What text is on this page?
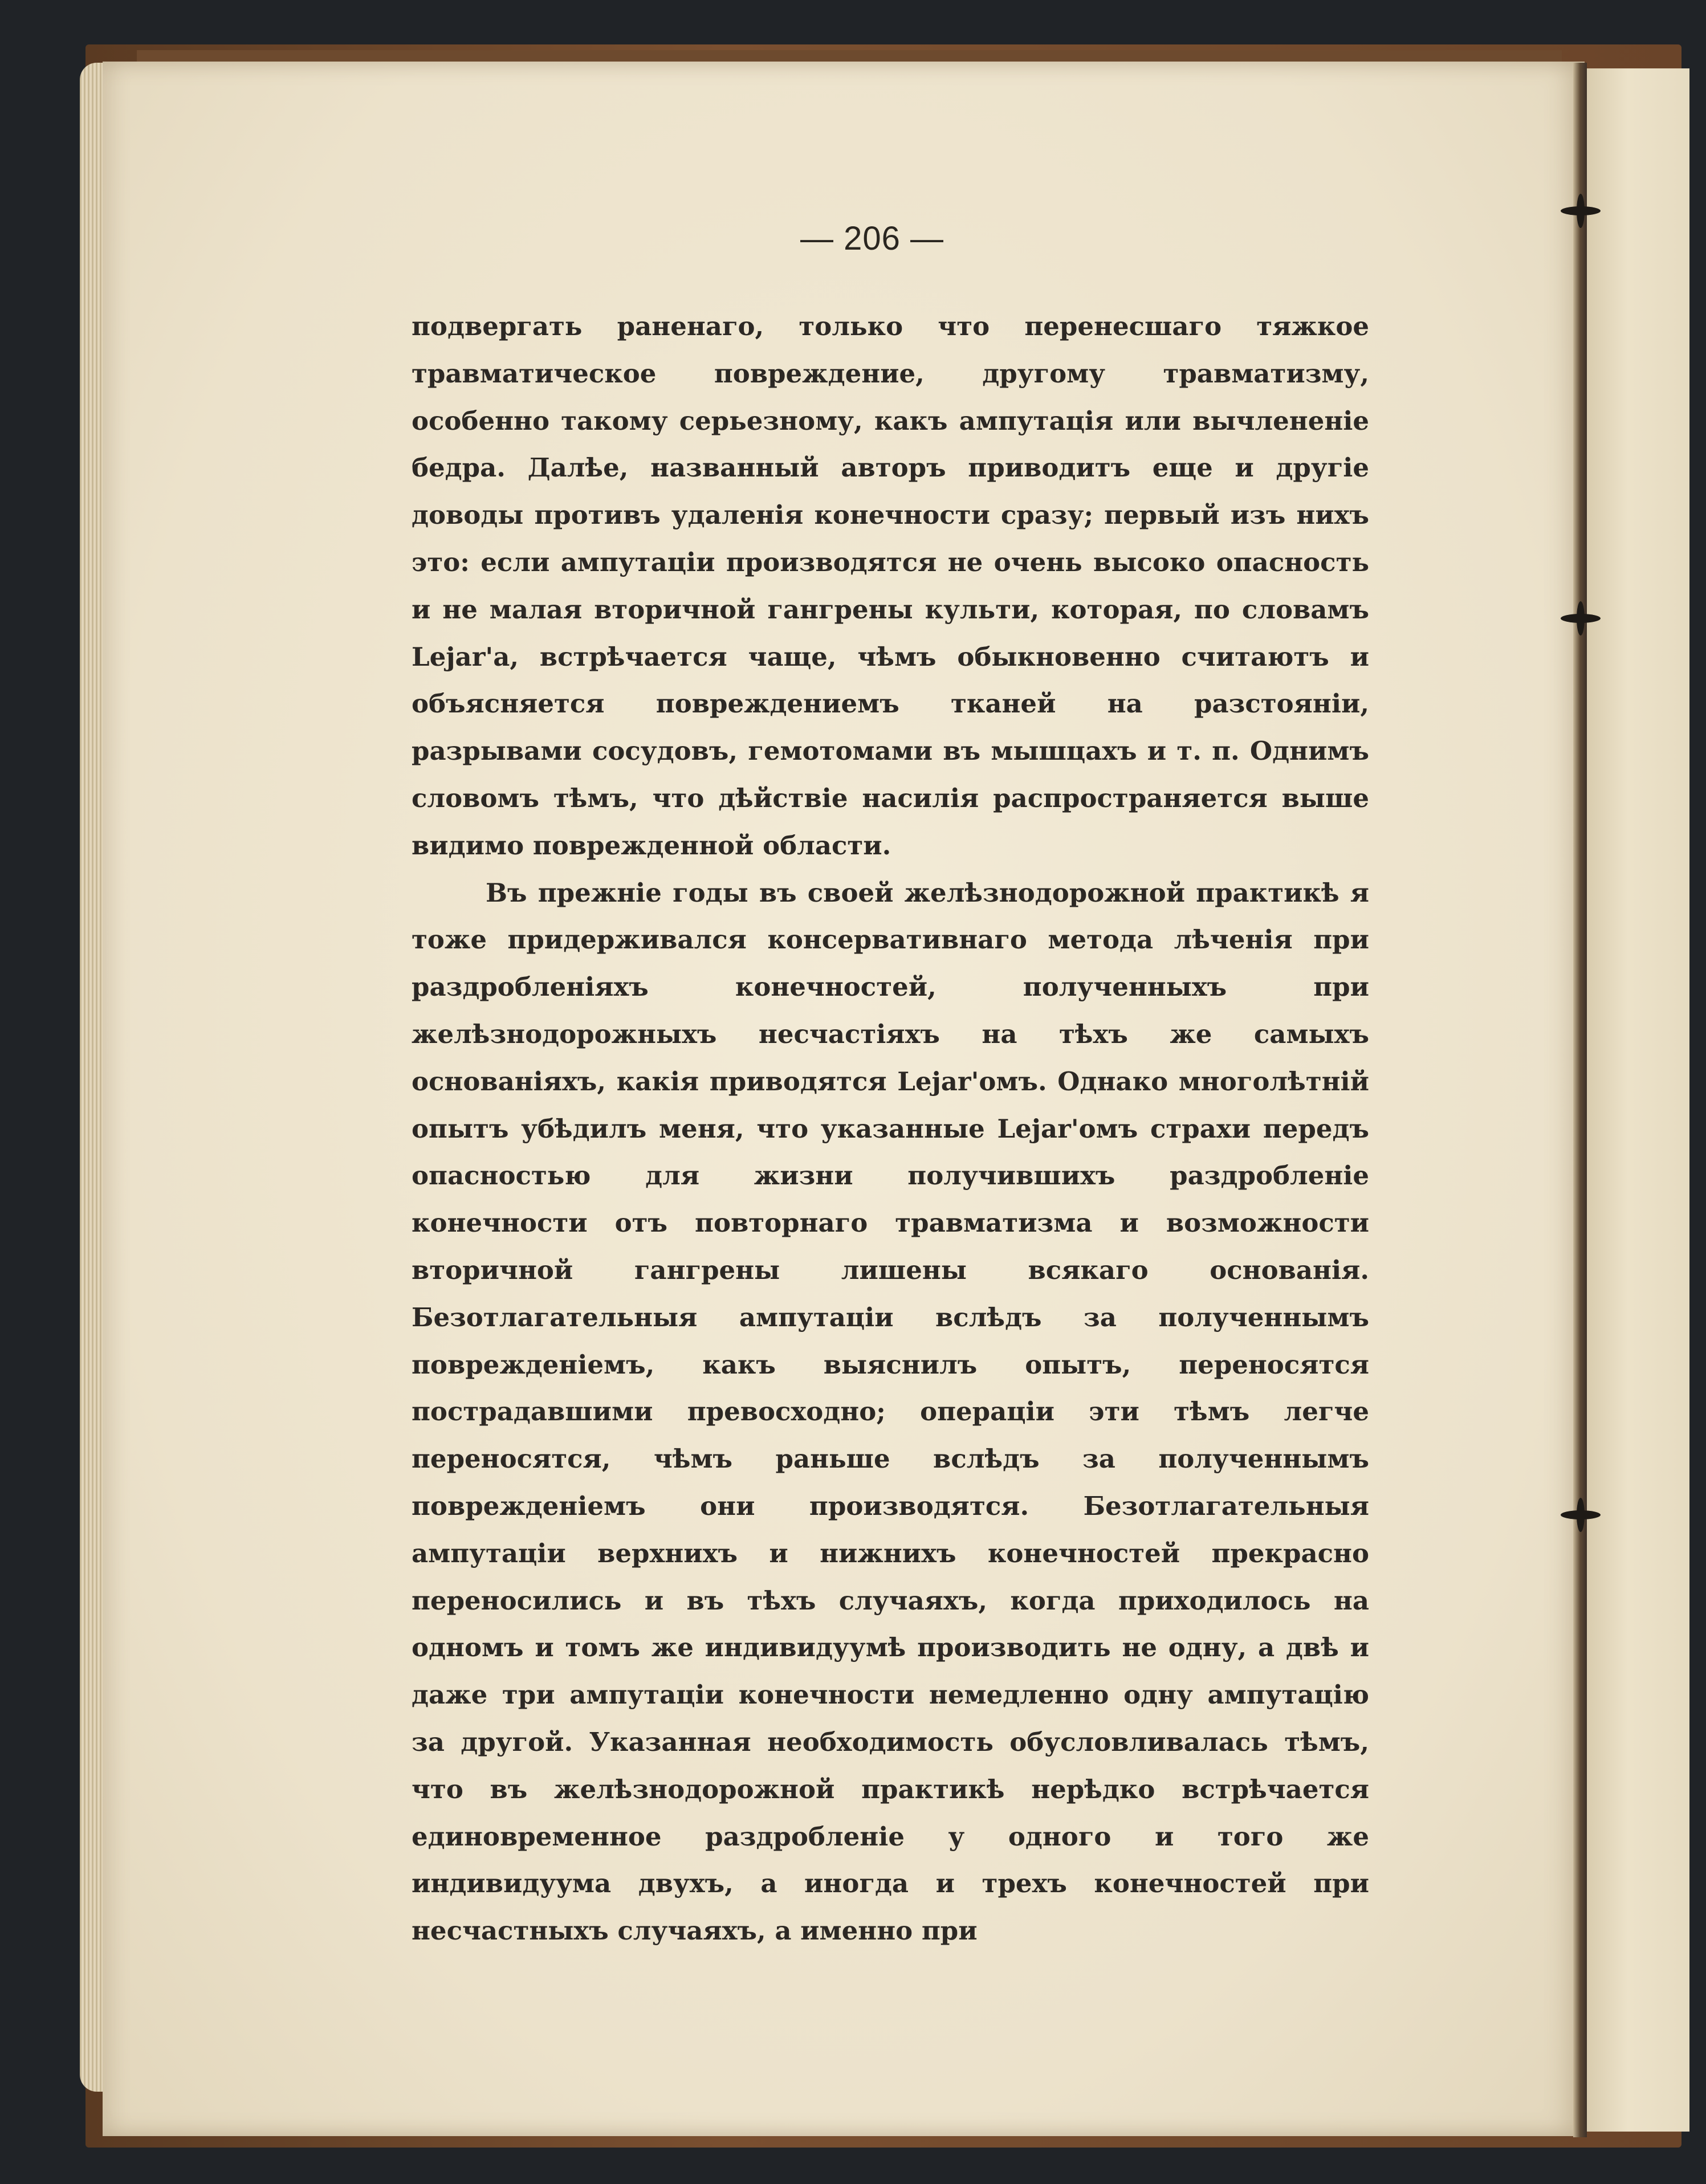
— 206 —

подвергать раненаго, только что перенесшаго тяжкое травматическое повреждение, другому травматизму, особенно такому серьезному, какъ ампутація или вычлененіе бедра. Далѣе, названный авторъ приводитъ еще и другіе доводы противъ удаленія конечности сразу; первый изъ нихъ это: если ампутаціи производятся не очень высоко опасность и не малая вторичной гангрены культи, которая, по словамъ Lejar'a, встрѣчается чаще, чѣмъ обыкновенно считаютъ и объясняется повреждениемъ тканей на разстояніи, разрывами сосудовъ, гемотомами въ мышцахъ и т. п. Однимъ словомъ тѣмъ, что дѣйствіе насилія распространяется выше видимо поврежденной области.

Въ прежніе годы въ своей желѣзнодорожной практикѣ я тоже придерживался консервативнаго метода лѣченія при раздробленіяхъ конечностей, полученныхъ при желѣзнодорожныхъ несчастіяхъ на тѣхъ же самыхъ основаніяхъ, какія приводятся Lejar'омъ. Однако многолѣтній опытъ убѣдилъ меня, что указанные Lejar'омъ страхи передъ опасностью для жизни получившихъ раздробленіе конечности отъ повторнаго травматизма и возможности вторичной гангрены лишены всякаго основанія. Безотлагательныя ампутаціи вслѣдъ за полученнымъ поврежденіемъ, какъ выяснилъ опытъ, переносятся пострадавшими превосходно; операціи эти тѣмъ легче переносятся, чѣмъ раньше вслѣдъ за полученнымъ поврежденіемъ они производятся. Безотлагательныя ампутаціи верхнихъ и нижнихъ конечностей прекрасно переносились и въ тѣхъ случаяхъ, когда приходилось на одномъ и томъ же индивидуумѣ производить не одну, а двѣ и даже три ампутаціи конечности немедленно одну ампутацію за другой. Указанная необходимость обусловливалась тѣмъ, что въ желѣзнодорожной практикѣ нерѣдко встрѣчается единовременное раздробленіе у одного и того же индивидуума двухъ, а иногда и трехъ конечностей при несчастныхъ случаяхъ, а именно при
